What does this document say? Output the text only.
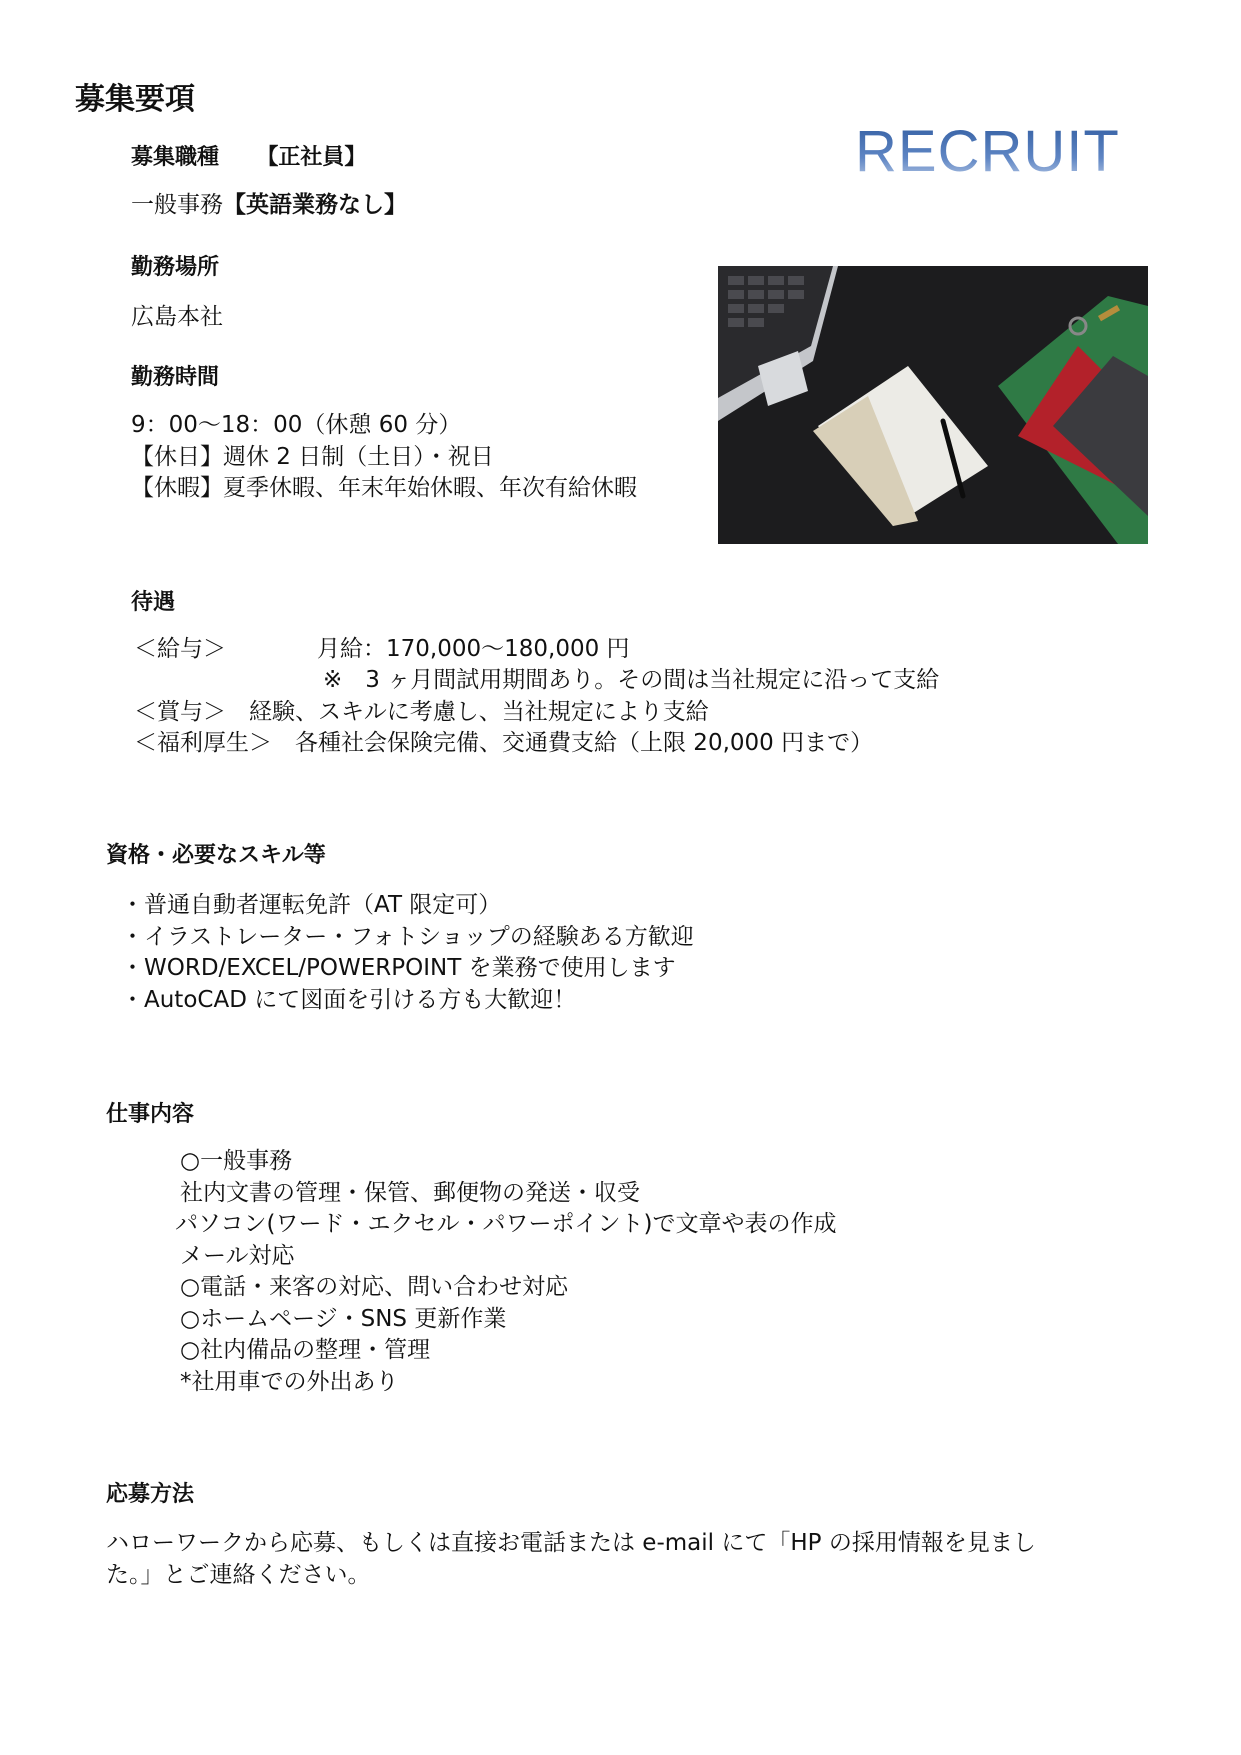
募集要項
募集職種 【正社員】	RECRUIT
一般事務【英語業務なし】
勤務場所
広島本社
勤務時間
9：00～18：00（休憩 60 分）
【休日】週休 2 日制（土日）・祝日
【休暇】夏季休暇、年末年始休暇、年次有給休暇
待遇
＜給与＞	月給：170,000～180,000 円
※　3 ヶ月間試用期間あり。その間は当社規定に沿って支給
＜賞与＞　経験、スキルに考慮し、当社規定により支給
＜福利厚生＞　各種社会保険完備、交通費支給（上限 20,000 円まで）
資格・必要なスキル等
・普通自動者運転免許（AT 限定可）
・イラストレーター・フォトショップの経験ある方歓迎
・WORD/EXCEL/POWERPOINT を業務で使用します
・AutoCAD にて図面を引ける方も大歓迎！
仕事内容
○一般事務
社内文書の管理・保管、郵便物の発送・収受
パソコン(ワード・エクセル・パワーポイント)で文章や表の作成
メール対応
○電話・来客の対応、問い合わせ対応
○ホームページ・SNS 更新作業
○社内備品の整理・管理
*社用車での外出あり
応募方法
ハローワークから応募、もしくは直接お電話または e-mail にて「HP の採用情報を見まし
た。」とご連絡ください。
